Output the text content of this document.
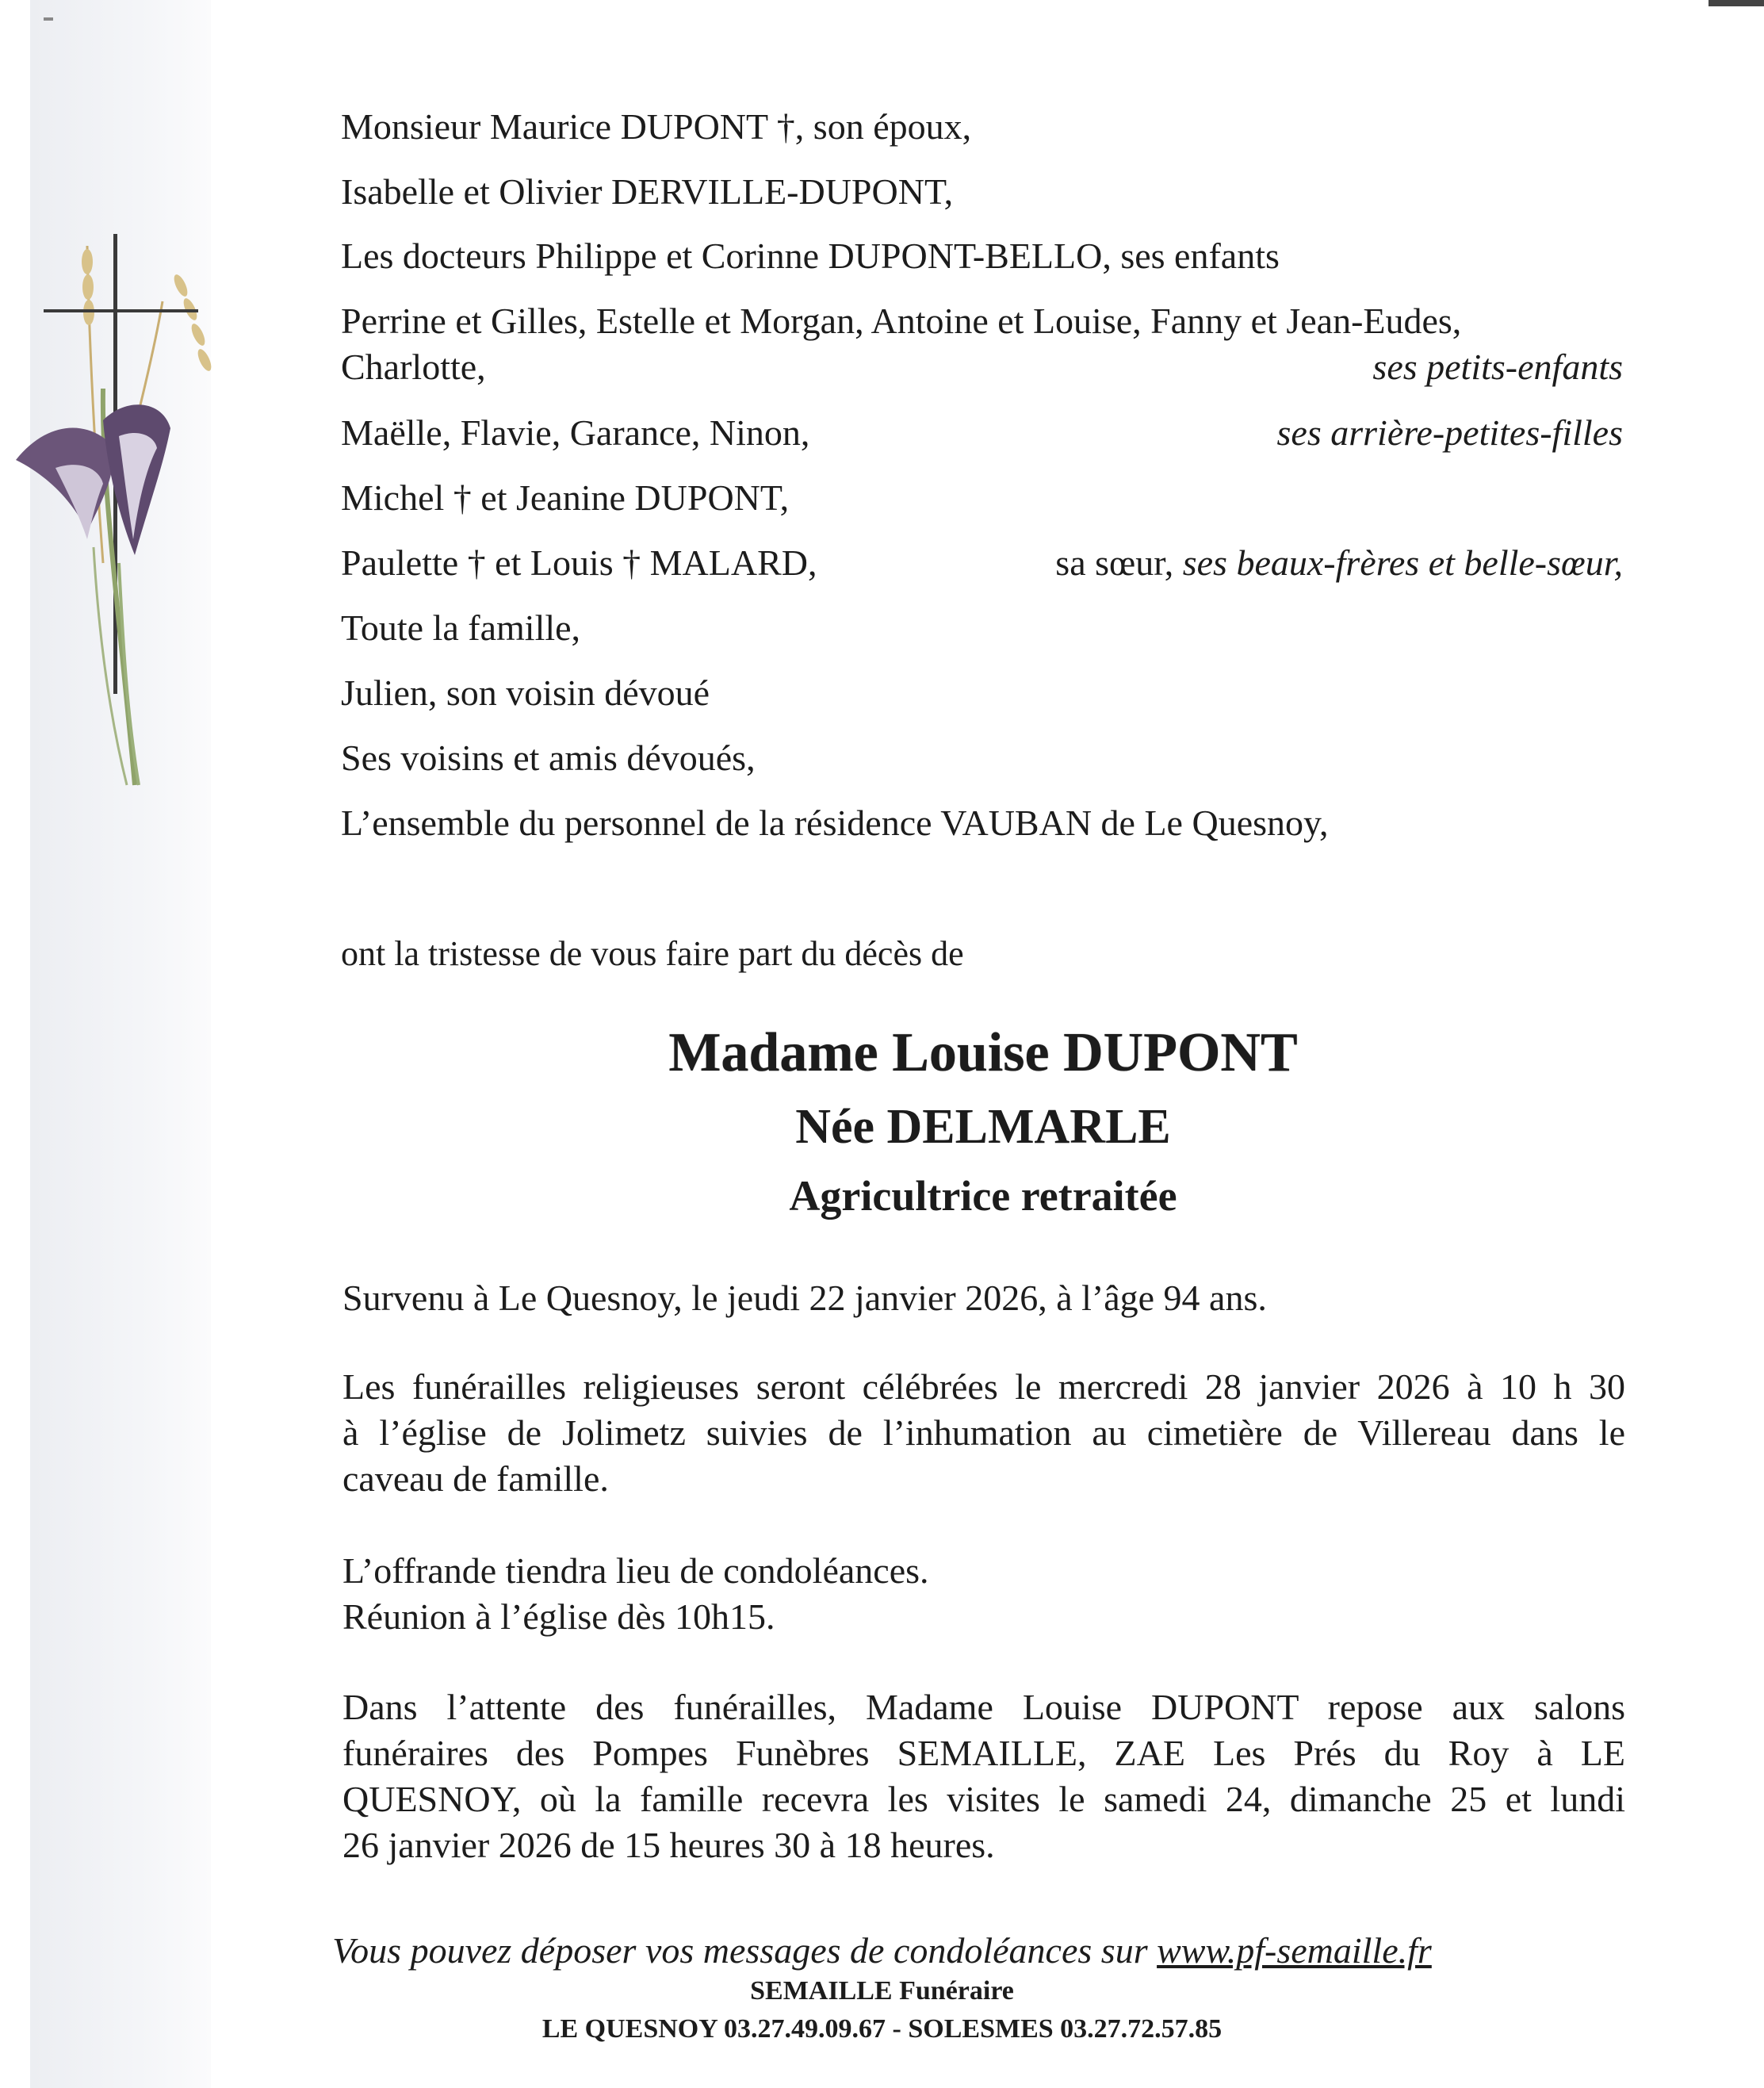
Monsieur Maurice DUPONT †, son époux,

Isabelle et Olivier DERVILLE-DUPONT,

Les docteurs Philippe et Corinne DUPONT-BELLO, ses enfants

Perrine et Gilles, Estelle et Morgan, Antoine et Louise, Fanny et Jean-Eudes,

Charlotte,	ses petits-enfants

Maëlle, Flavie, Garance, Ninon,	ses arrière-petites-filles

Michel † et Jeanine DUPONT,

Paulette † et Louis † MALARD,	sa sœur, ses beaux-frères et belle-sœur,

Toute la famille,

Julien, son voisin dévoué

Ses voisins et amis dévoués,

L’ensemble du personnel de la résidence VAUBAN de Le Quesnoy,

ont la tristesse de vous faire part du décès de

Madame Louise DUPONT

Née DELMARLE

Agricultrice retraitée

Survenu à Le Quesnoy, le jeudi 22 janvier 2026, à l’âge 94 ans.

Les funérailles religieuses seront célébrées le mercredi 28 janvier 2026 à 10 h 30
à l’église de Jolimetz suivies de l’inhumation au cimetière de Villereau dans le
caveau de famille.
L’offrande tiendra lieu de condoléances.
Réunion à l’église dès 10h15.
Dans l’attente des funérailles, Madame Louise DUPONT repose aux salons
funéraires des Pompes Funèbres SEMAILLE, ZAE Les Prés du Roy à LE
QUESNOY, où la famille recevra les visites le samedi 24, dimanche 25 et lundi
26 janvier 2026 de 15 heures 30 à 18 heures.

Vous pouvez déposer vos messages de condoléances sur www.pf-semaille.fr

SEMAILLE Funéraire

LE QUESNOY 03.27.49.09.67 - SOLESMES 03.27.72.57.85
